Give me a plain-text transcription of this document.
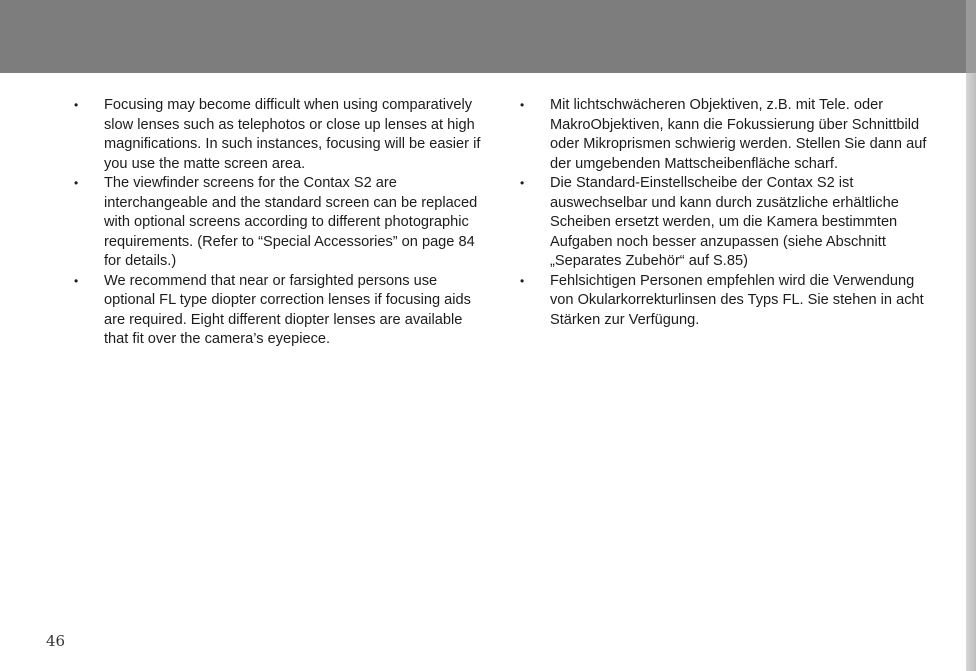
• Focusing may become difficult when using comparatively slow lenses such as telephotos or close up lenses at high magnifications. In such instances, focusing will be easier if you use the matte screen area.
• The viewfinder screens for the Contax S2 are interchangeable and the standard screen can be replaced with optional screens according to different photographic requirements. (Refer to “Special Accessories” on page 84 for details.)
• We recommend that near or farsighted persons use optional FL type diopter correction lenses if focusing aids are required. Eight different diopter lenses are available that fit over the camera’s eyepiece.
• Mit lichtschwächeren Objektiven, z.B. mit Tele. oder MakroObjektiven, kann die Fokussierung über Schnittbild oder Mikroprismen schwierig werden. Stellen Sie dann auf der umgebenden Mattscheibenfläche scharf.
• Die Standard-Einstellscheibe der Contax S2 ist auswechselbar und kann durch zusätzliche erhältliche Scheiben ersetzt werden, um die Kamera bestimmten Aufgaben noch besser anzupassen (siehe Abschnitt „Separates Zubehör“ auf S.85)
• Fehlsichtigen Personen empfehlen wird die Verwendung von Okularkorrekturlinsen des Typs FL. Sie stehen in acht Stärken zur Verfügung.
46
